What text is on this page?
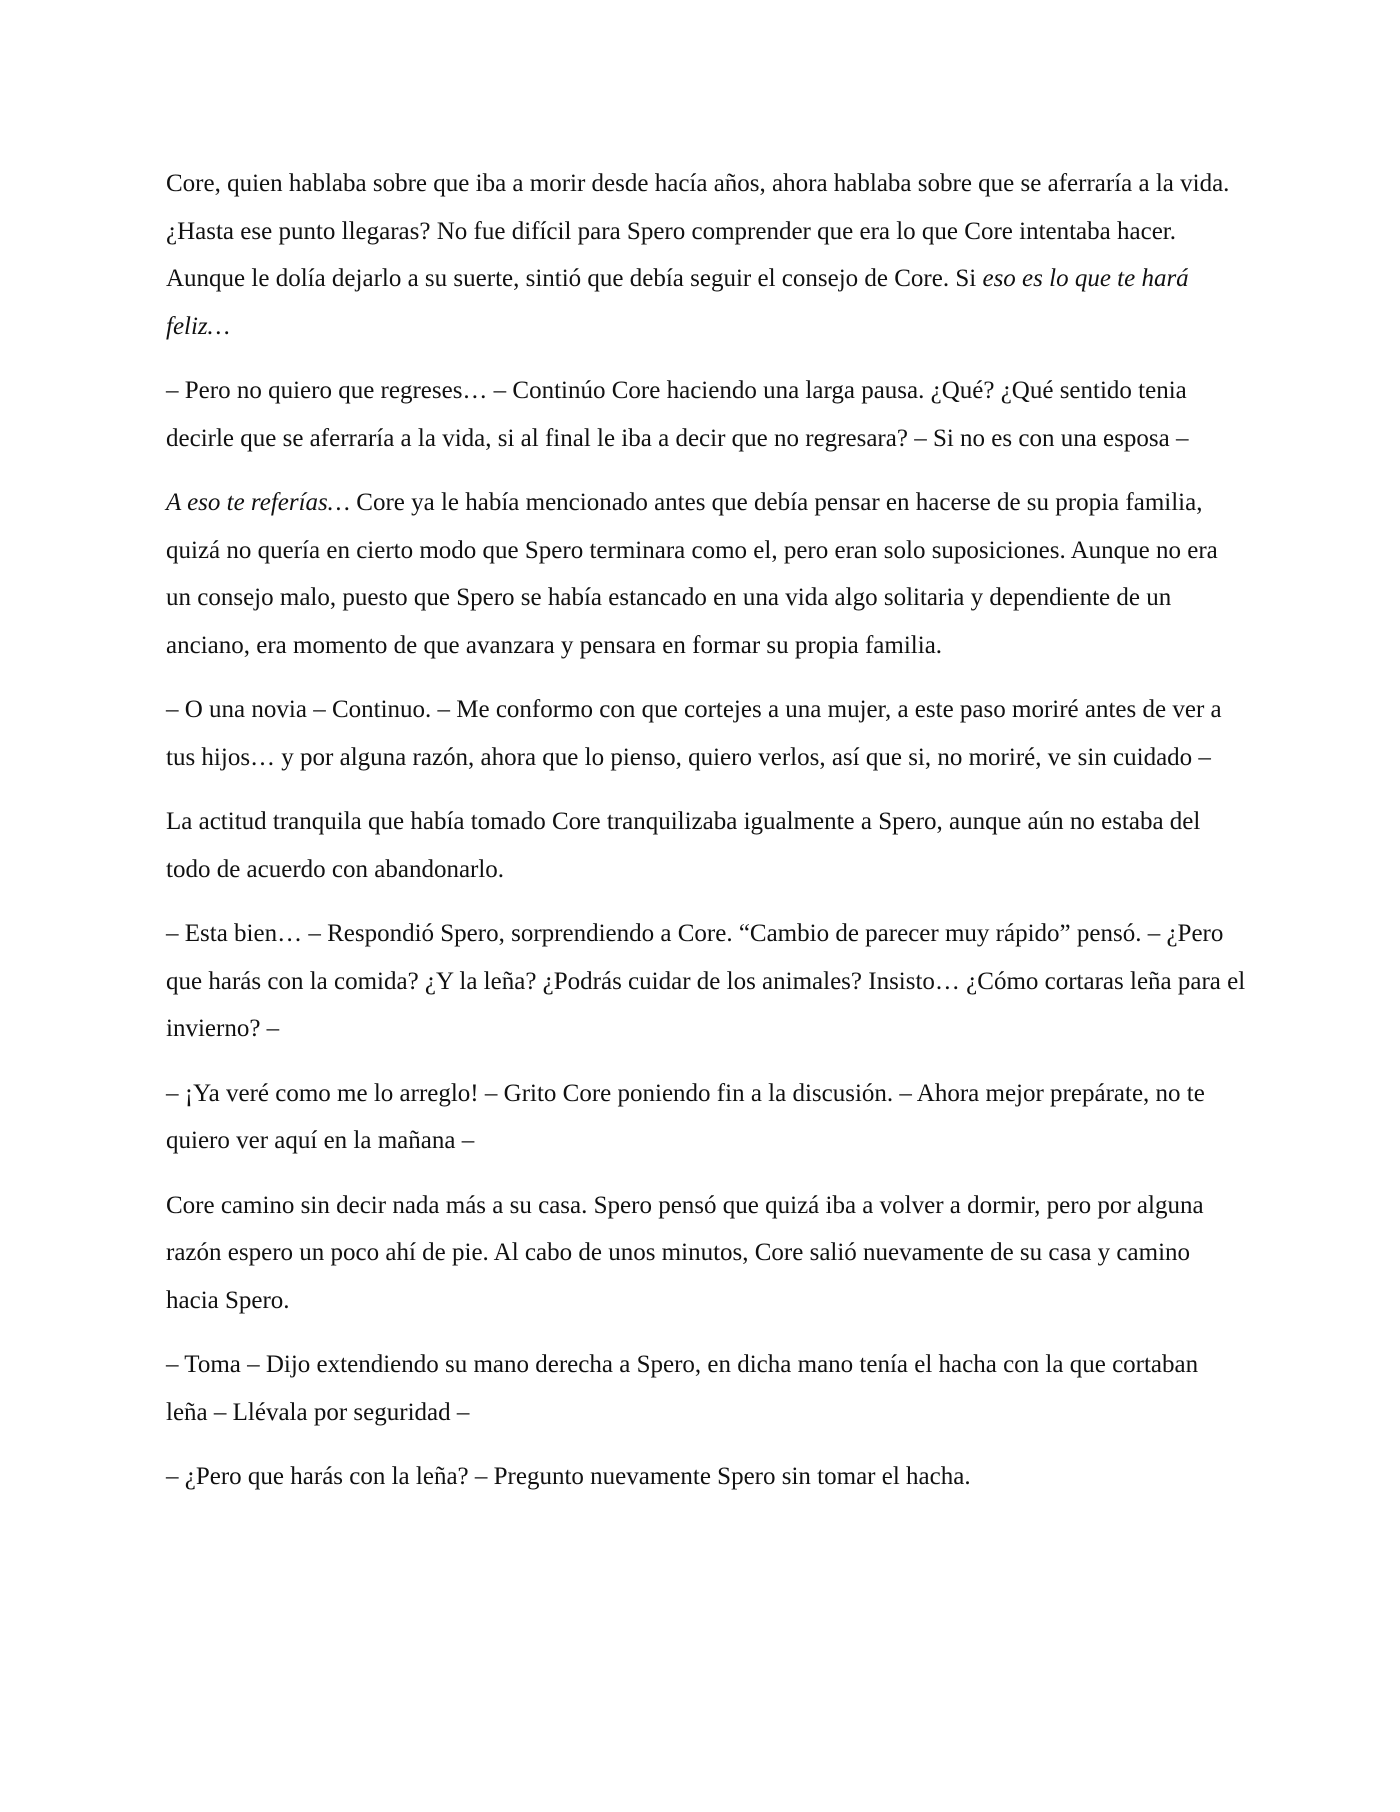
Core, quien hablaba sobre que iba a morir desde hacía años, ahora hablaba sobre que se aferraría a la vida. ¿Hasta ese punto llegaras? No fue difícil para Spero comprender que era lo que Core intentaba hacer. Aunque le dolía dejarlo a su suerte, sintió que debía seguir el consejo de Core. Si eso es lo que te hará feliz…

– Pero no quiero que regreses… – Continúo Core haciendo una larga pausa. ¿Qué? ¿Qué sentido tenia decirle que se aferraría a la vida, si al final le iba a decir que no regresara? – Si no es con una esposa –

A eso te referías… Core ya le había mencionado antes que debía pensar en hacerse de su propia familia, quizá no quería en cierto modo que Spero terminara como el, pero eran solo suposiciones. Aunque no era un consejo malo, puesto que Spero se había estancado en una vida algo solitaria y dependiente de un anciano, era momento de que avanzara y pensara en formar su propia familia.

– O una novia – Continuo. – Me conformo con que cortejes a una mujer, a este paso moriré antes de ver a tus hijos… y por alguna razón, ahora que lo pienso, quiero verlos, así que si, no moriré, ve sin cuidado –

La actitud tranquila que había tomado Core tranquilizaba igualmente a Spero, aunque aún no estaba del todo de acuerdo con abandonarlo.

– Esta bien… – Respondió Spero, sorprendiendo a Core. “Cambio de parecer muy rápido” pensó. – ¿Pero que harás con la comida? ¿Y la leña? ¿Podrás cuidar de los animales? Insisto… ¿Cómo cortaras leña para el invierno? –

– ¡Ya veré como me lo arreglo! – Grito Core poniendo fin a la discusión. – Ahora mejor prepárate, no te quiero ver aquí en la mañana –

Core camino sin decir nada más a su casa. Spero pensó que quizá iba a volver a dormir, pero por alguna razón espero un poco ahí de pie. Al cabo de unos minutos, Core salió nuevamente de su casa y camino hacia Spero.

– Toma – Dijo extendiendo su mano derecha a Spero, en dicha mano tenía el hacha con la que cortaban leña – Llévala por seguridad –

– ¿Pero que harás con la leña? – Pregunto nuevamente Spero sin tomar el hacha.
